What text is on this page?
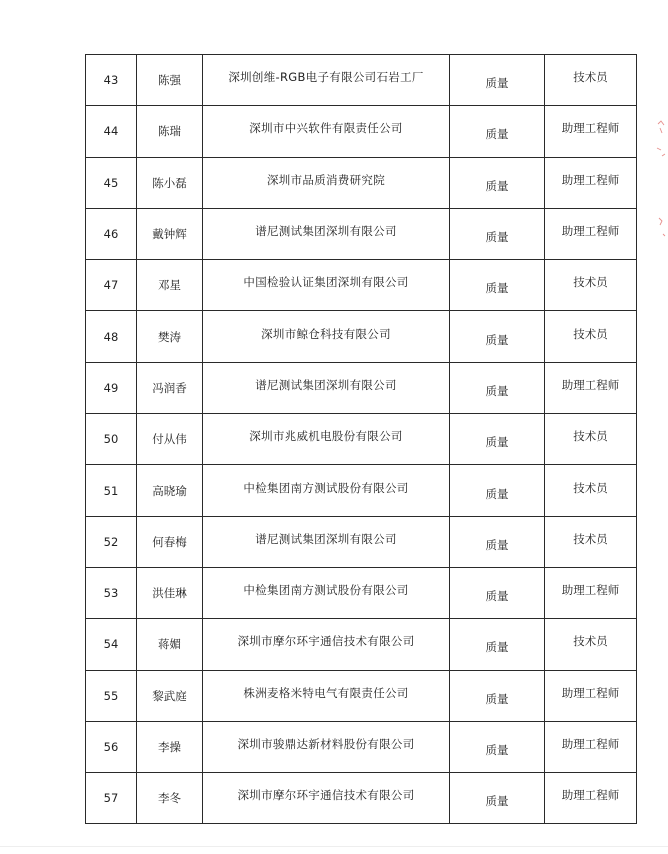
43	陈强	深圳创维-RGB电子有限公司石岩工厂	质量	技术员
44	陈瑞	深圳市中兴软件有限责任公司	质量	助理工程师
45	陈小磊	深圳市品质消费研究院	质量	助理工程师
46	戴钟辉	谱尼测试集团深圳有限公司	质量	助理工程师
47	邓星	中国检验认证集团深圳有限公司	质量	技术员
48	樊涛	深圳市鲸仓科技有限公司	质量	技术员
49	冯润香	谱尼测试集团深圳有限公司	质量	助理工程师
50	付从伟	深圳市兆威机电股份有限公司	质量	技术员
51	高晓瑜	中检集团南方测试股份有限公司	质量	技术员
52	何春梅	谱尼测试集团深圳有限公司	质量	技术员
53	洪佳琳	中检集团南方测试股份有限公司	质量	助理工程师
54	蒋媚	深圳市摩尔环宇通信技术有限公司	质量	技术员
55	黎武庭	株洲麦格米特电气有限责任公司	质量	助理工程师
56	李操	深圳市骏鼎达新材料股份有限公司	质量	助理工程师
57	李冬	深圳市摩尔环宇通信技术有限公司	质量	助理工程师
